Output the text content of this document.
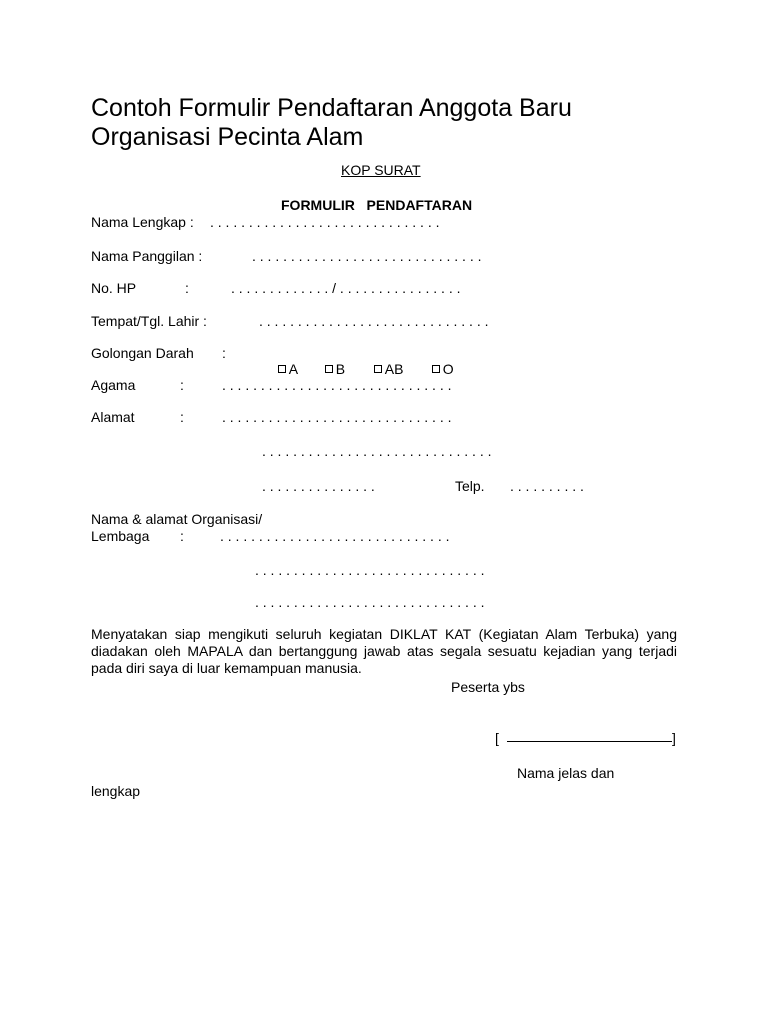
Contoh Formulir Pendaftaran Anggota Baru
Organisasi Pecinta Alam
KOP SURAT
FORMULIR   PENDAFTARAN
Nama Lengkap : . . . . . . . . . . . . . . . . . . . . . . . . . . . . . .
Nama Panggilan :	. . . . . . . . . . . . . . . . . . . . . . . . . . . . . .
No. HP	:	. . . . . . . . . . . . . / . . . . . . . . . . . . . . . .
Tempat/Tgl. Lahir :	. . . . . . . . . . . . . . . . . . . . . . . . . . . . . .
Golongan Darah :

A	B	AB	O

Agama	:	. . . . . . . . . . . . . . . . . . . . . . . . . . . . . .
Alamat	:	. . . . . . . . . . . . . . . . . . . . . . . . . . . . . .
. . . . . . . . . . . . . . . . . . . . . . . . . . . . . .
. . . . . . . . . . . . . . .	Telp. . . . . . . . . . .
Nama & alamat Organisasi/
Lembaga :	. . . . . . . . . . . . . . . . . . . . . . . . . . . . . .
. . . . . . . . . . . . . . . . . . . . . . . . . . . . . .
. . . . . . . . . . . . . . . . . . . . . . . . . . . . . .
Menyatakan siap mengikuti seluruh kegiatan DIKLAT KAT (Kegiatan Alam Terbuka) yang diadakan oleh MAPALA dan bertanggung jawab atas segala sesuatu kejadian yang terjadi pada diri saya di luar kemampuan manusia.
Peserta ybs
[	]
Nama jelas dan
lengkap
